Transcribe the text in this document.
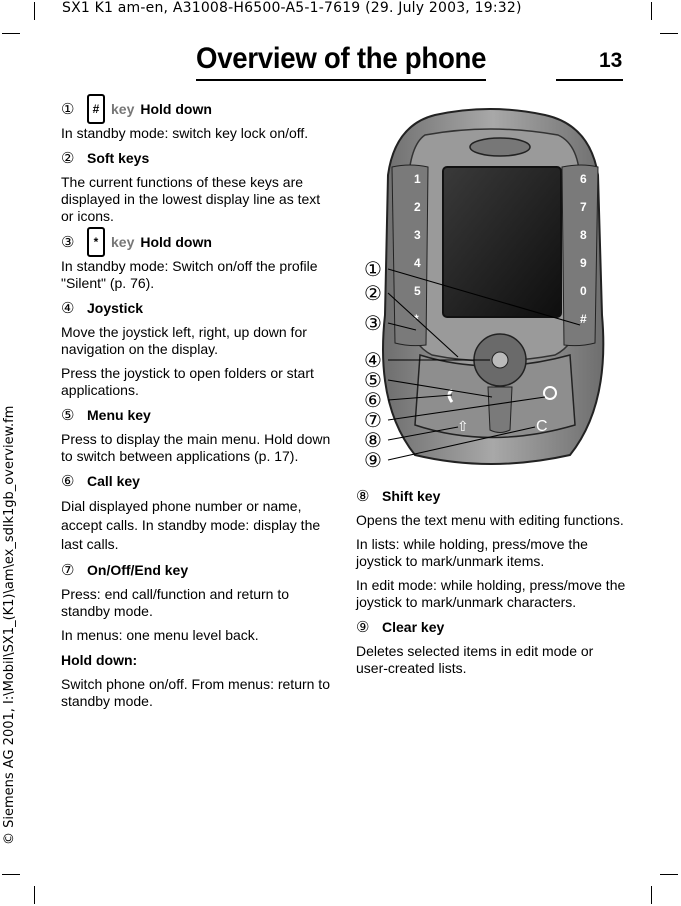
SX1 K1 am-en, A31008-H6500-A5-1-7619 (29. July 2003, 19:32)
Overview of the phone	13
© Siemens AG 2001, I:\Mobil\SX1_(K1)\am\ex_sdlk1gb_overview.fm
①	# key Hold down

In standby mode: switch key lock on/off.

② Soft keys

The current functions of these keys are displayed in the lowest display line as text or icons.

③	* key Hold down

In standby mode: Switch on/off the profile "Silent" (p. 76).

④ Joystick

Move the joystick left, right, up down for navigation on the display.

Press the joystick to open folders or start applications.

⑤ Menu key

Press to display the main menu. Hold down to switch between applications (p. 17).

⑥ Call key

Dial displayed phone number or name, accept calls. In standby mode: display the last calls.

⑦ On/Off/End key

Press: end call/function and return to standby mode.

In menus: one menu level back.

Hold down:

Switch phone on/off. From menus: return to standby mode.

1
2
3
4
5
*
6
7
8
9
0
#
C
⇧
①
②
③
④
⑤
⑥
⑦
⑧
⑨
⑧ Shift key

Opens the text menu with editing functions.

In lists: while holding, press/move the joystick to mark/unmark items.

In edit mode: while holding, press/move the joystick to mark/unmark characters.

⑨ Clear key

Deletes selected items in edit mode or user-created lists.
